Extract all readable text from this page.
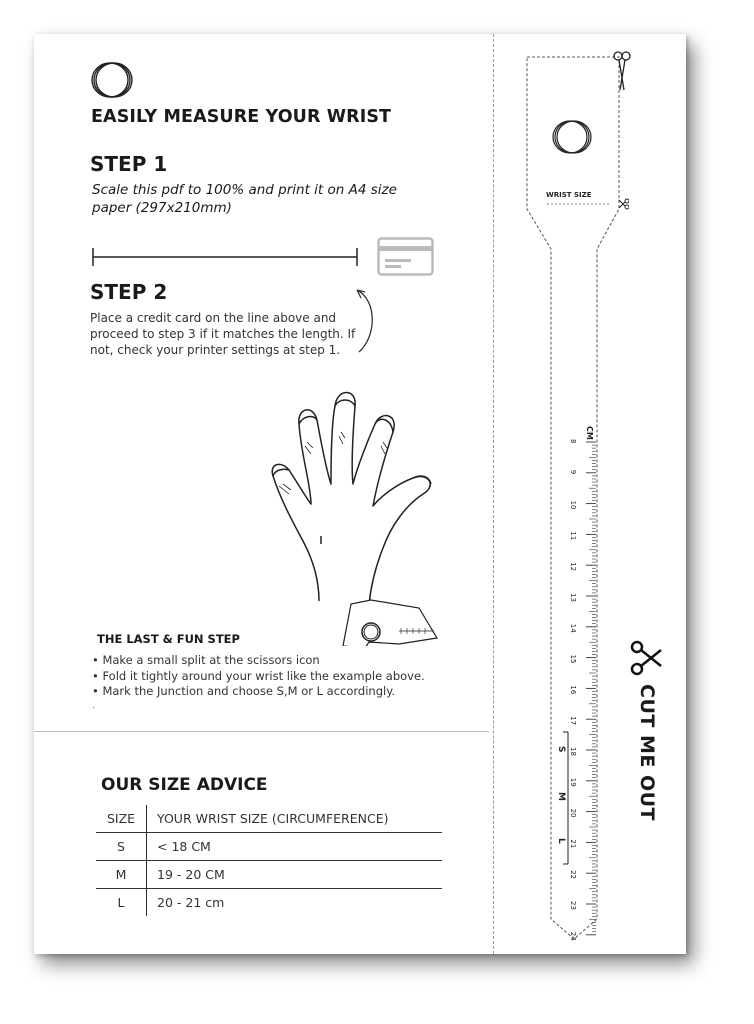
EASILY MEASURE YOUR WRIST
STEP 1
Scale this pdf to 100% and print it on A4 size paper (297x210mm)
STEP 2
Place a credit card on the line above and proceed to step 3 if it matches the length. If not, check your printer settings at step 1.
THE LAST & FUN STEP
• Make a small split at the scissors icon
• Fold it tightly around your wrist like the example above.
• Mark the Junction and choose S,M or L accordingly.
.
OUR SIZE ADVICE
SIZE	YOUR WRIST SIZE (CIRCUMFERENCE)
S	< 18 CM
M	19 - 20 CM
L	20 - 21 cm
WRIST SIZE
CM
8
9
10
11
12
13
14
15
16
17
18
19
20
21
22
23
24
S
M
L
CUT ME OUT
